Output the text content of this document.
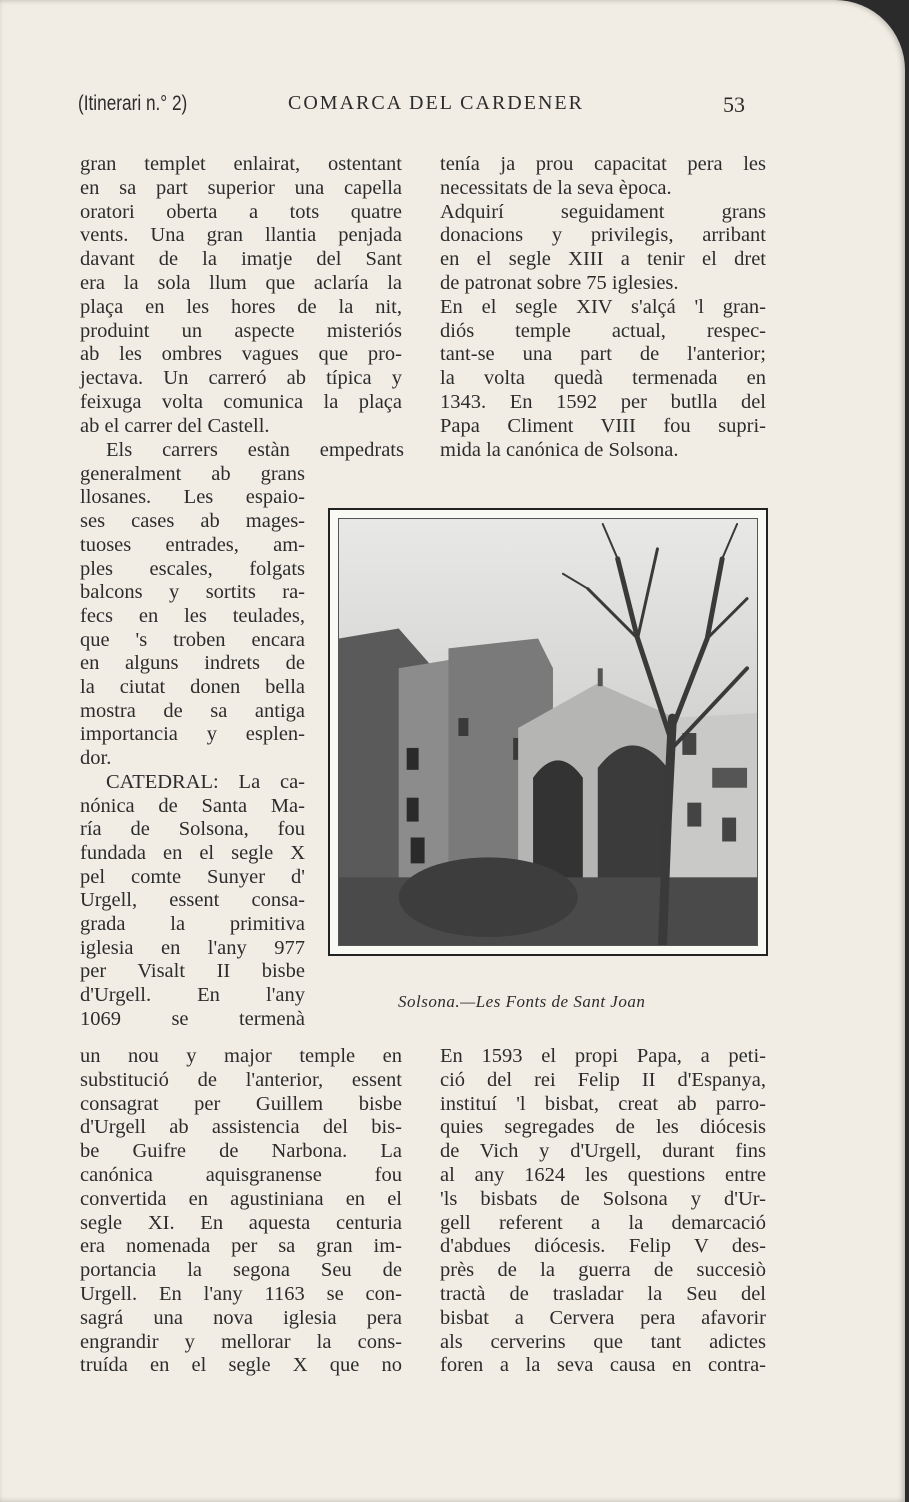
(Itinerari n.° 2)	COMARCA DEL CARDENER	53
gran templet enlairat, ostentant
en sa part superior una capella
oratori oberta a tots quatre
vents. Una gran llantia penjada
davant de la imatje del Sant
era la sola llum que aclaría la
plaça en les hores de la nit,
produint un aspecte misteriós
ab les ombres vagues que pro-
jectava. Un carreró ab típica y
feixuga volta comunica la plaça
ab el carrer del Castell.
Els carrers estàn empedrats
generalment ab grans
llosanes. Les espaio-
ses cases ab mages-
tuoses entrades, am-
ples escales, folgats
balcons y sortits ra-
fecs en les teulades,
que 's troben encara
en alguns indrets de
la ciutat donen bella
mostra de sa antiga
importancia y esplen-
dor.
CATEDRAL: La ca-
nónica de Santa Ma-
ría de Solsona, fou
fundada en el segle X
pel comte Sunyer d'
Urgell, essent consa-
grada la primitiva
iglesia en l'any 977
per Visalt II bisbe
d'Urgell. En l'any
1069 se termenà
un nou y major temple en
substitució de l'anterior, essent
consagrat per Guillem bisbe
d'Urgell ab assistencia del bis-
be Guifre de Narbona. La
canónica aquisgranense fou
convertida en agustiniana en el
segle XI. En aquesta centuria
era nomenada per sa gran im-
portancia la segona Seu de
Urgell. En l'any 1163 se con-
sagrá una nova iglesia pera
engrandir y mellorar la cons-
truída en el segle X que no
tenía ja prou capacitat pera les
necessitats de la seva època.
Adquirí seguidament grans
donacions y privilegis, arribant
en el segle XIII a tenir el dret
de patronat sobre 75 iglesies.
En el segle XIV s'alçá 'l gran-
diós temple actual, respec-
tant-se una part de l'anterior;
la volta quedà termenada en
1343. En 1592 per butlla del
Papa Climent VIII fou supri-
mida la canónica de Solsona.
En 1593 el propi Papa, a peti-
ció del rei Felip II d'Espanya,
instituí 'l bisbat, creat ab parro-
quies segregades de les diócesis
de Vich y d'Urgell, durant fins
al any 1624 les questions entre
'ls bisbats de Solsona y d'Ur-
gell referent a la demarcació
d'abdues diócesis. Felip V des-
près de la guerra de succesiò
tractà de trasladar la Seu del
bisbat a Cervera pera afavorir
als cerverins que tant adictes
foren a la seva causa en contra-
Solsona.—Les Fonts de Sant Joan
